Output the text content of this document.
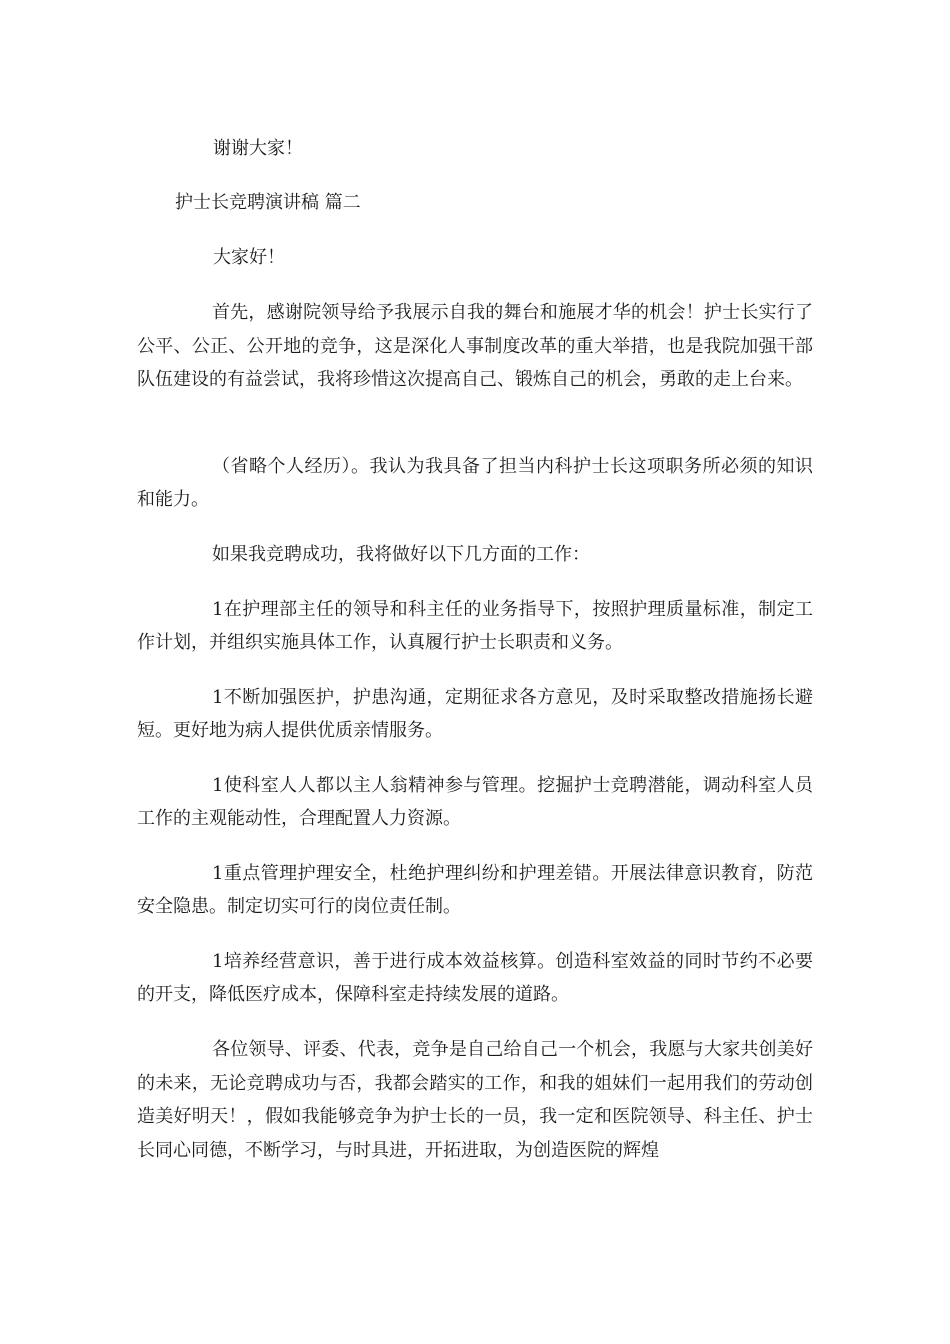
谢谢大家！

护士长竞聘演讲稿 篇二

大家好！

首先，感谢院领导给予我展示自我的舞台和施展才华的机会！护士长实行了公平、公正、公开地的竞争，这是深化人事制度改革的重大举措，也是我院加强干部队伍建设的有益尝试，我将珍惜这次提高自己、锻炼自己的机会，勇敢的走上台来。

（省略个人经历）。我认为我具备了担当内科护士长这项职务所必须的知识和能力。

如果我竞聘成功，我将做好以下几方面的工作：

1在护理部主任的领导和科主任的业务指导下，按照护理质量标准，制定工作计划，并组织实施具体工作，认真履行护士长职责和义务。

1不断加强医护，护患沟通，定期征求各方意见，及时采取整改措施扬长避短。更好地为病人提供优质亲情服务。

1使科室人人都以主人翁精神参与管理。挖掘护士竞聘潜能，调动科室人员工作的主观能动性，合理配置人力资源。

1重点管理护理安全，杜绝护理纠纷和护理差错。开展法律意识教育，防范安全隐患。制定切实可行的岗位责任制。

1培养经营意识，善于进行成本效益核算。创造科室效益的同时节约不必要的开支，降低医疗成本，保障科室走持续发展的道路。

各位领导、评委、代表，竞争是自己给自己一个机会，我愿与大家共创美好的未来，无论竞聘成功与否，我都会踏实的工作，和我的姐妹们一起用我们的劳动创造美好明天！，假如我能够竞争为护士长的一员，我一定和医院领导、科主任、护士长同心同德，不断学习，与时具进，开拓进取，为创造医院的辉煌
